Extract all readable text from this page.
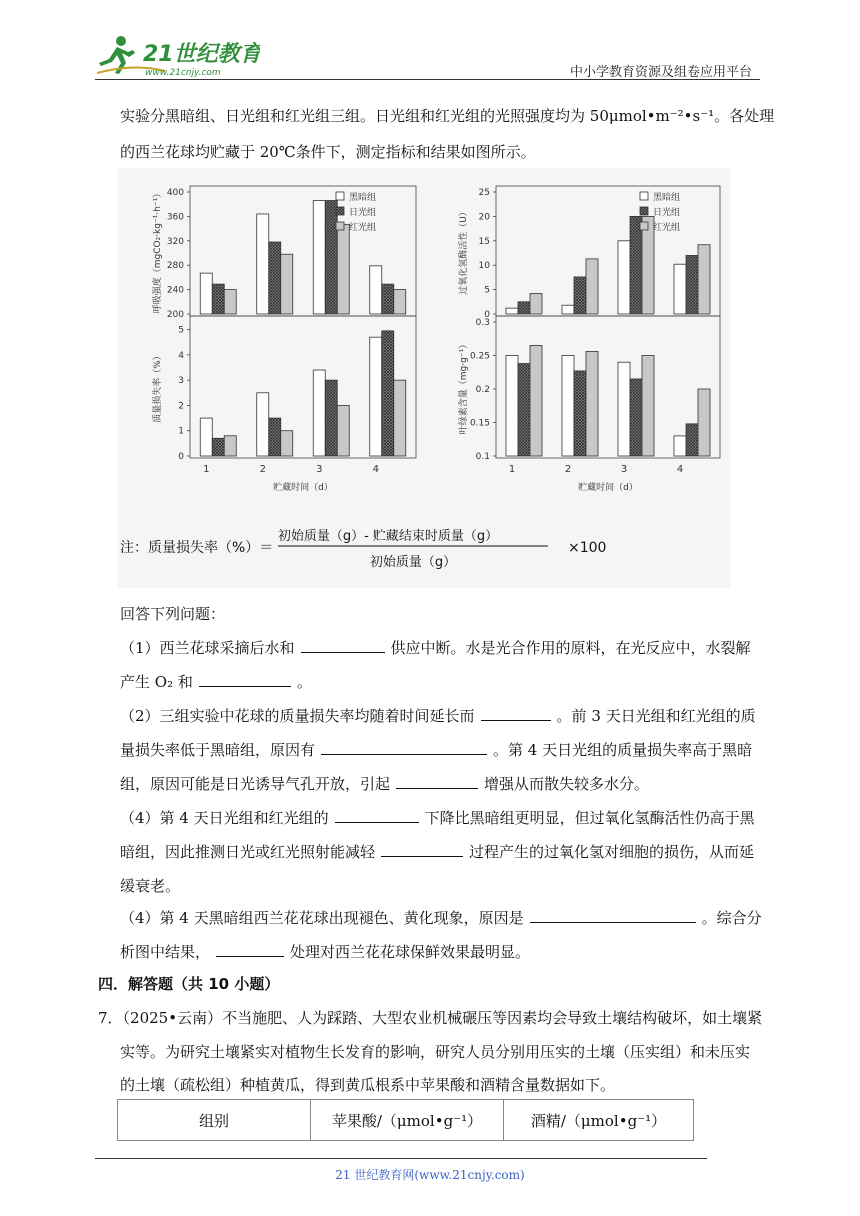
21世纪教育
www.21cnjy.com	中小学教育资源及组卷应用平台
实验分黑暗组、日光组和红光组三组。日光组和红光组的光照强度均为 50μmol•m⁻²•s⁻¹。各处理
的西兰花球均贮藏于 20℃条件下，测定指标和结果如图所示。
400
360
320
280
240
200
呼吸强度（mgCO₂·kg⁻¹·h⁻¹）	黑暗组
日光组
红光组
25
20
15
10
5
0
过氧化氢酶活性（U）
黑暗组
日光组
红光组
5
4
3
2
1
0
质量损失率（%）
1	2	3	4
贮藏时间（d）
0.3
0.25
0.2
0.15
0.1
叶绿素含量（mg·g⁻¹）
1	2	3	4
贮藏时间（d）
注：质量损失率（%）＝
初始质量（g）- 贮藏结束时质量（g）
初始质量（g）
×100
回答下列问题：
（1）西兰花球采摘后水和	供应中断。水是光合作用的原料，在光反应中，水裂解
产生 O₂ 和	。
（2）三组实验中花球的质量损失率均随着时间延长而	。前 3 天日光组和红光组的质
量损失率低于黑暗组，原因有	。第 4 天日光组的质量损失率高于黑暗
组，原因可能是日光诱导气孔开放，引起	增强从而散失较多水分。
（4）第 4 天日光组和红光组的	下降比黑暗组更明显，但过氧化氢酶活性仍高于黑
暗组，因此推测日光或红光照射能减轻	过程产生的过氧化氢对细胞的损伤，从而延
缓衰老。
（4）第 4 天黑暗组西兰花花球出现褪色、黄化现象，原因是	。综合分
析图中结果，	处理对西兰花花球保鲜效果最明显。
四．解答题（共 10 小题）
7．（2025•云南）不当施肥、人为踩踏、大型农业机械碾压等因素均会导致土壤结构破坏，如土壤紧
实等。为研究土壤紧实对植物生长发育的影响，研究人员分别用压实的土壤（压实组）和未压实
的土壤（疏松组）种植黄瓜，得到黄瓜根系中苹果酸和酒精含量数据如下。
组别	苹果酸/（μmol•g⁻¹）	酒精/（μmol•g⁻¹）
21 世纪教育网(www.21cnjy.com)
